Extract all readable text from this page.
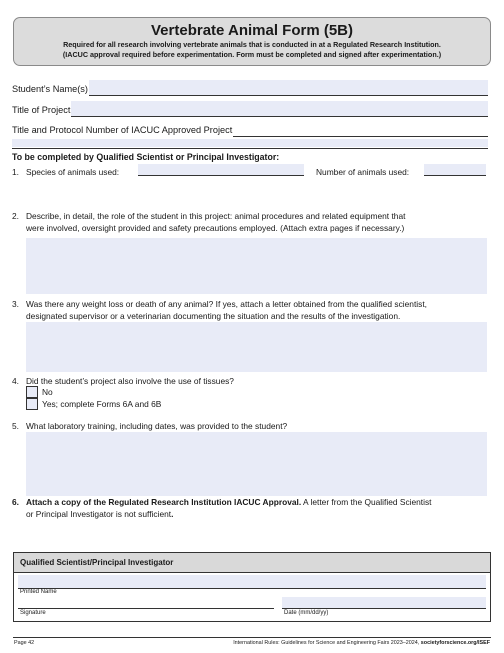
Vertebrate Animal Form (5B)
Required for all research involving vertebrate animals that is conducted in at a Regulated Research Institution.
(IACUC approval required before experimentation. Form must be completed and signed after experimentation.)
Student’s Name(s)
Title of Project
Title and Protocol Number of IACUC Approved Project
To be completed by Qualified Scientist or Principal Investigator:
1. Species of animals used:	Number of animals used:
2. Describe, in detail, the role of the student in this project: animal procedures and related equipment that
were involved, oversight provided and safety precautions employed. (Attach extra pages if necessary.)
3. Was there any weight loss or death of any animal? If yes, attach a letter obtained from the qualified scientist,
designated supervisor or a veterinarian documenting the situation and the results of the investigation.
4. Did the student’s project also involve the use of tissues?
No
Yes; complete Forms 6A and 6B
5. What laboratory training, including dates, was provided to the student?
6. Attach a copy of the Regulated Research Institution IACUC Approval. A letter from the Qualified Scientist
or Principal Investigator is not sufficient.
Qualified Scientist/Principal Investigator
Printed Name
Signature	Date (mm/dd/yy)
Page 42	International Rules: Guidelines for Science and Engineering Fairs 2023–2024, societyforscience.org/ISEF
